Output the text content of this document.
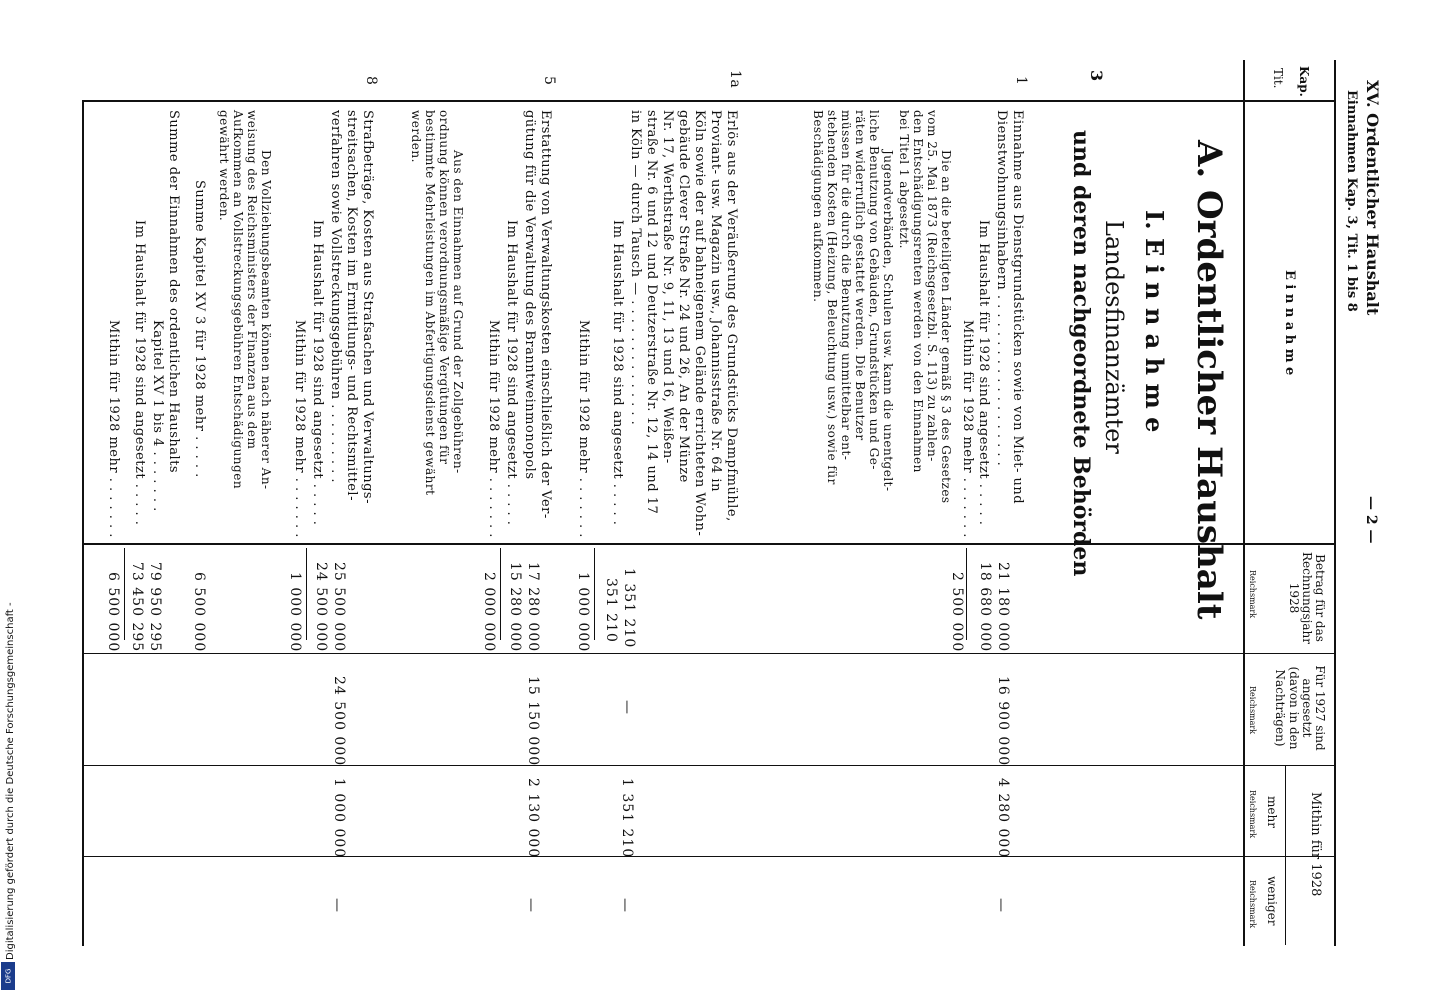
XV. Ordentlicher Haushalt
Einnahmen Kap. 3, Tit. 1 bis 8
— 2 —
Kap.
Tit.
E i n n a h m e
Betrag für das Rechnungsjahr 1928
Für 1927 sind angesetzt (davon in den Nachträgen)
Mithin für 1928
mehr
weniger
Reichsmark
Reichsmark
Reichsmark
Reichsmark
A. Ordentlicher Haushalt
I. E i n n a h m e
Landesfinanzämter
und deren nachgeordnete Behörden
3
1
Einnahme aus Dienstgrundstücken sowie von Miet- und
Dienstwohnungsinhabern . . . . . . . . . . . . . . . . . . .
Im Haushalt für 1928 sind angesetzt . . . . .
Mithin für 1928 mehr . . . . . . .
Die an die beteiligten Länder gemäß § 3 des Gesetzes
vom 25. Mai 1873 (Reichsgesetzbl. S. 113) zu zahlen-
den Entschädigungsrenten werden von den Einnahmen
bei Titel 1 abgesetzt.
Jugendverbänden, Schulen usw. kann die unentgelt-
liche Benutzung von Gebäuden, Grundstücken und Ge-
räten widerruflich gestattet werden. Die Benutzer
müssen für die durch die Benutzung unmittelbar ent-
stehenden Kosten (Heizung, Beleuchtung usw.) sowie für
Beschädigungen aufkommen.
21 180 000
18 680 000
2 500 000
16 900 000
4 280 000
—
1a
Erlös aus der Veräußerung des Grundstücks Dampfmühle,
Proviant- usw. Magazin usw., Johannisstraße Nr. 64 in
Köln sowie der auf bahneigenem Gelände errichteten Wohn-
gebäude Clever Straße Nr. 24 und 26, An der Münze
Nr. 17, Werthstraße Nr. 9, 11, 13 und 16, Weißen-
straße Nr. 6 und 12 und Deutzerstraße Nr. 12, 14 und 17
in Köln — durch Tausch — . . . . . . . . . . . . . .
Im Haushalt für 1928 sind angesetzt . . . . .
Mithin für 1928 mehr . . . . . . .
1 351 210
351 210
1 000 000
—
1 351 210
—
5
Erstattung von Verwaltungskosten einschließlich der Ver-
gütung für die Verwaltung des Branntweinmonopols
Im Haushalt für 1928 sind angesetzt . . . . .
Mithin für 1928 mehr . . . . . . .
17 280 000
15 280 000
2 000 000
15 150 000
2 130 000
—
8
Strafbeträge, Kosten aus Strafsachen und Verwaltungs-
streitsachen, Kosten im Ermittlungs- und Rechtsmittel-
verfahren sowie Vollstreckungsgebühren . . . . . . . . .
Im Haushalt für 1928 sind angesetzt . . . . .
Mithin für 1928 mehr . . . . . . .	Aus den Einnahmen auf Grund der Zollgebühren-
ordnung können verordnungsmäßige Vergütungen für
bestimmte Mehrleistungen im Abfertigungsdienst gewährt
werden.
Den Vollziehungsbeamten können nach näherer An-
weisung des Reichsministers der Finanzen aus dem
Aufkommen an Vollstreckungsgebühren Entschädigungen
gewährt werden.
25 500 000
24 500 000
1 000 000
24 500 000
1 000 000
—
Summe Kapitel XV 3 für 1928 mehr . . . . .
6 500 000
Summe der Einnahmen des ordentlichen Haushalts
Kapitel XV 1 bis 4 . . . . . . .
79 950 295
Im Haushalt für 1928 sind angesetzt . . . . .
73 450 295
Mithin für 1928 mehr . . . . . . .
6 500 000
Digitalisierung gefördert durch die Deutsche Forschungsgemeinschaft -
DFG
